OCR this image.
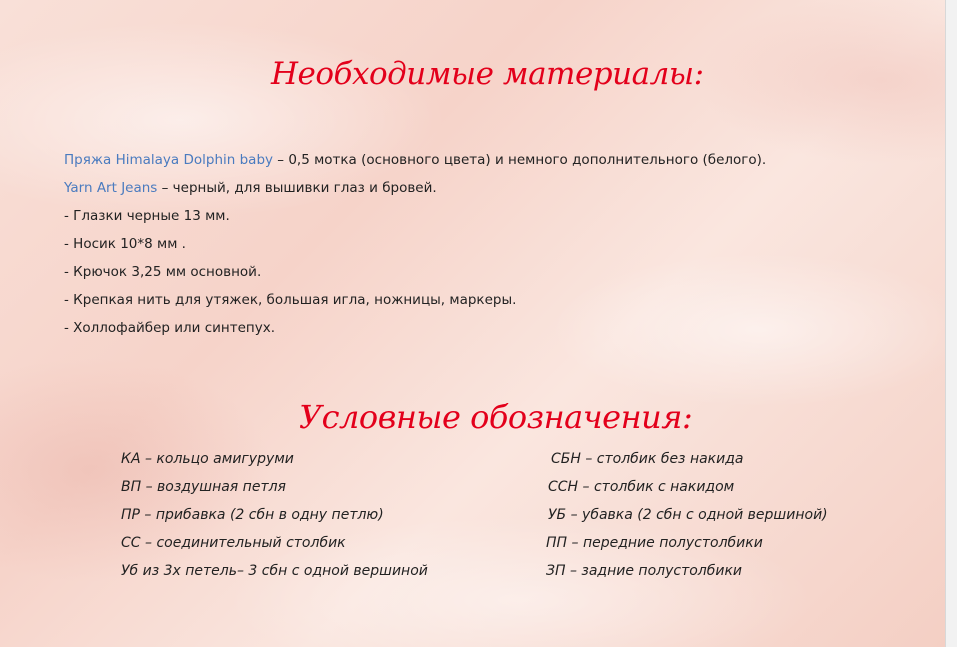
Необходимые материалы:
Пряжа Himalaya Dolphin baby – 0,5 мотка (основного цвета) и немного дополнительного (белого).
Yarn Art Jeans – черный, для вышивки глаз и бровей.
- Глазки черные 13 мм.
- Носик 10*8 мм .
- Крючок 3,25 мм основной.
- Крепкая нить для утяжек, большая игла, ножницы, маркеры.
- Холлофайбер или синтепух.
Условные обозначения:
КА – кольцо амигуруми
ВП – воздушная петля
ПР – прибавка (2 сбн в одну петлю)
СС – соединительный столбик
Уб из 3х петель– 3 сбн с одной вершиной
СБН – столбик без накида
ССН – столбик с накидом
УБ – убавка (2 сбн с одной вершиной)
ПП – передние полустолбики
ЗП – задние полустолбики
